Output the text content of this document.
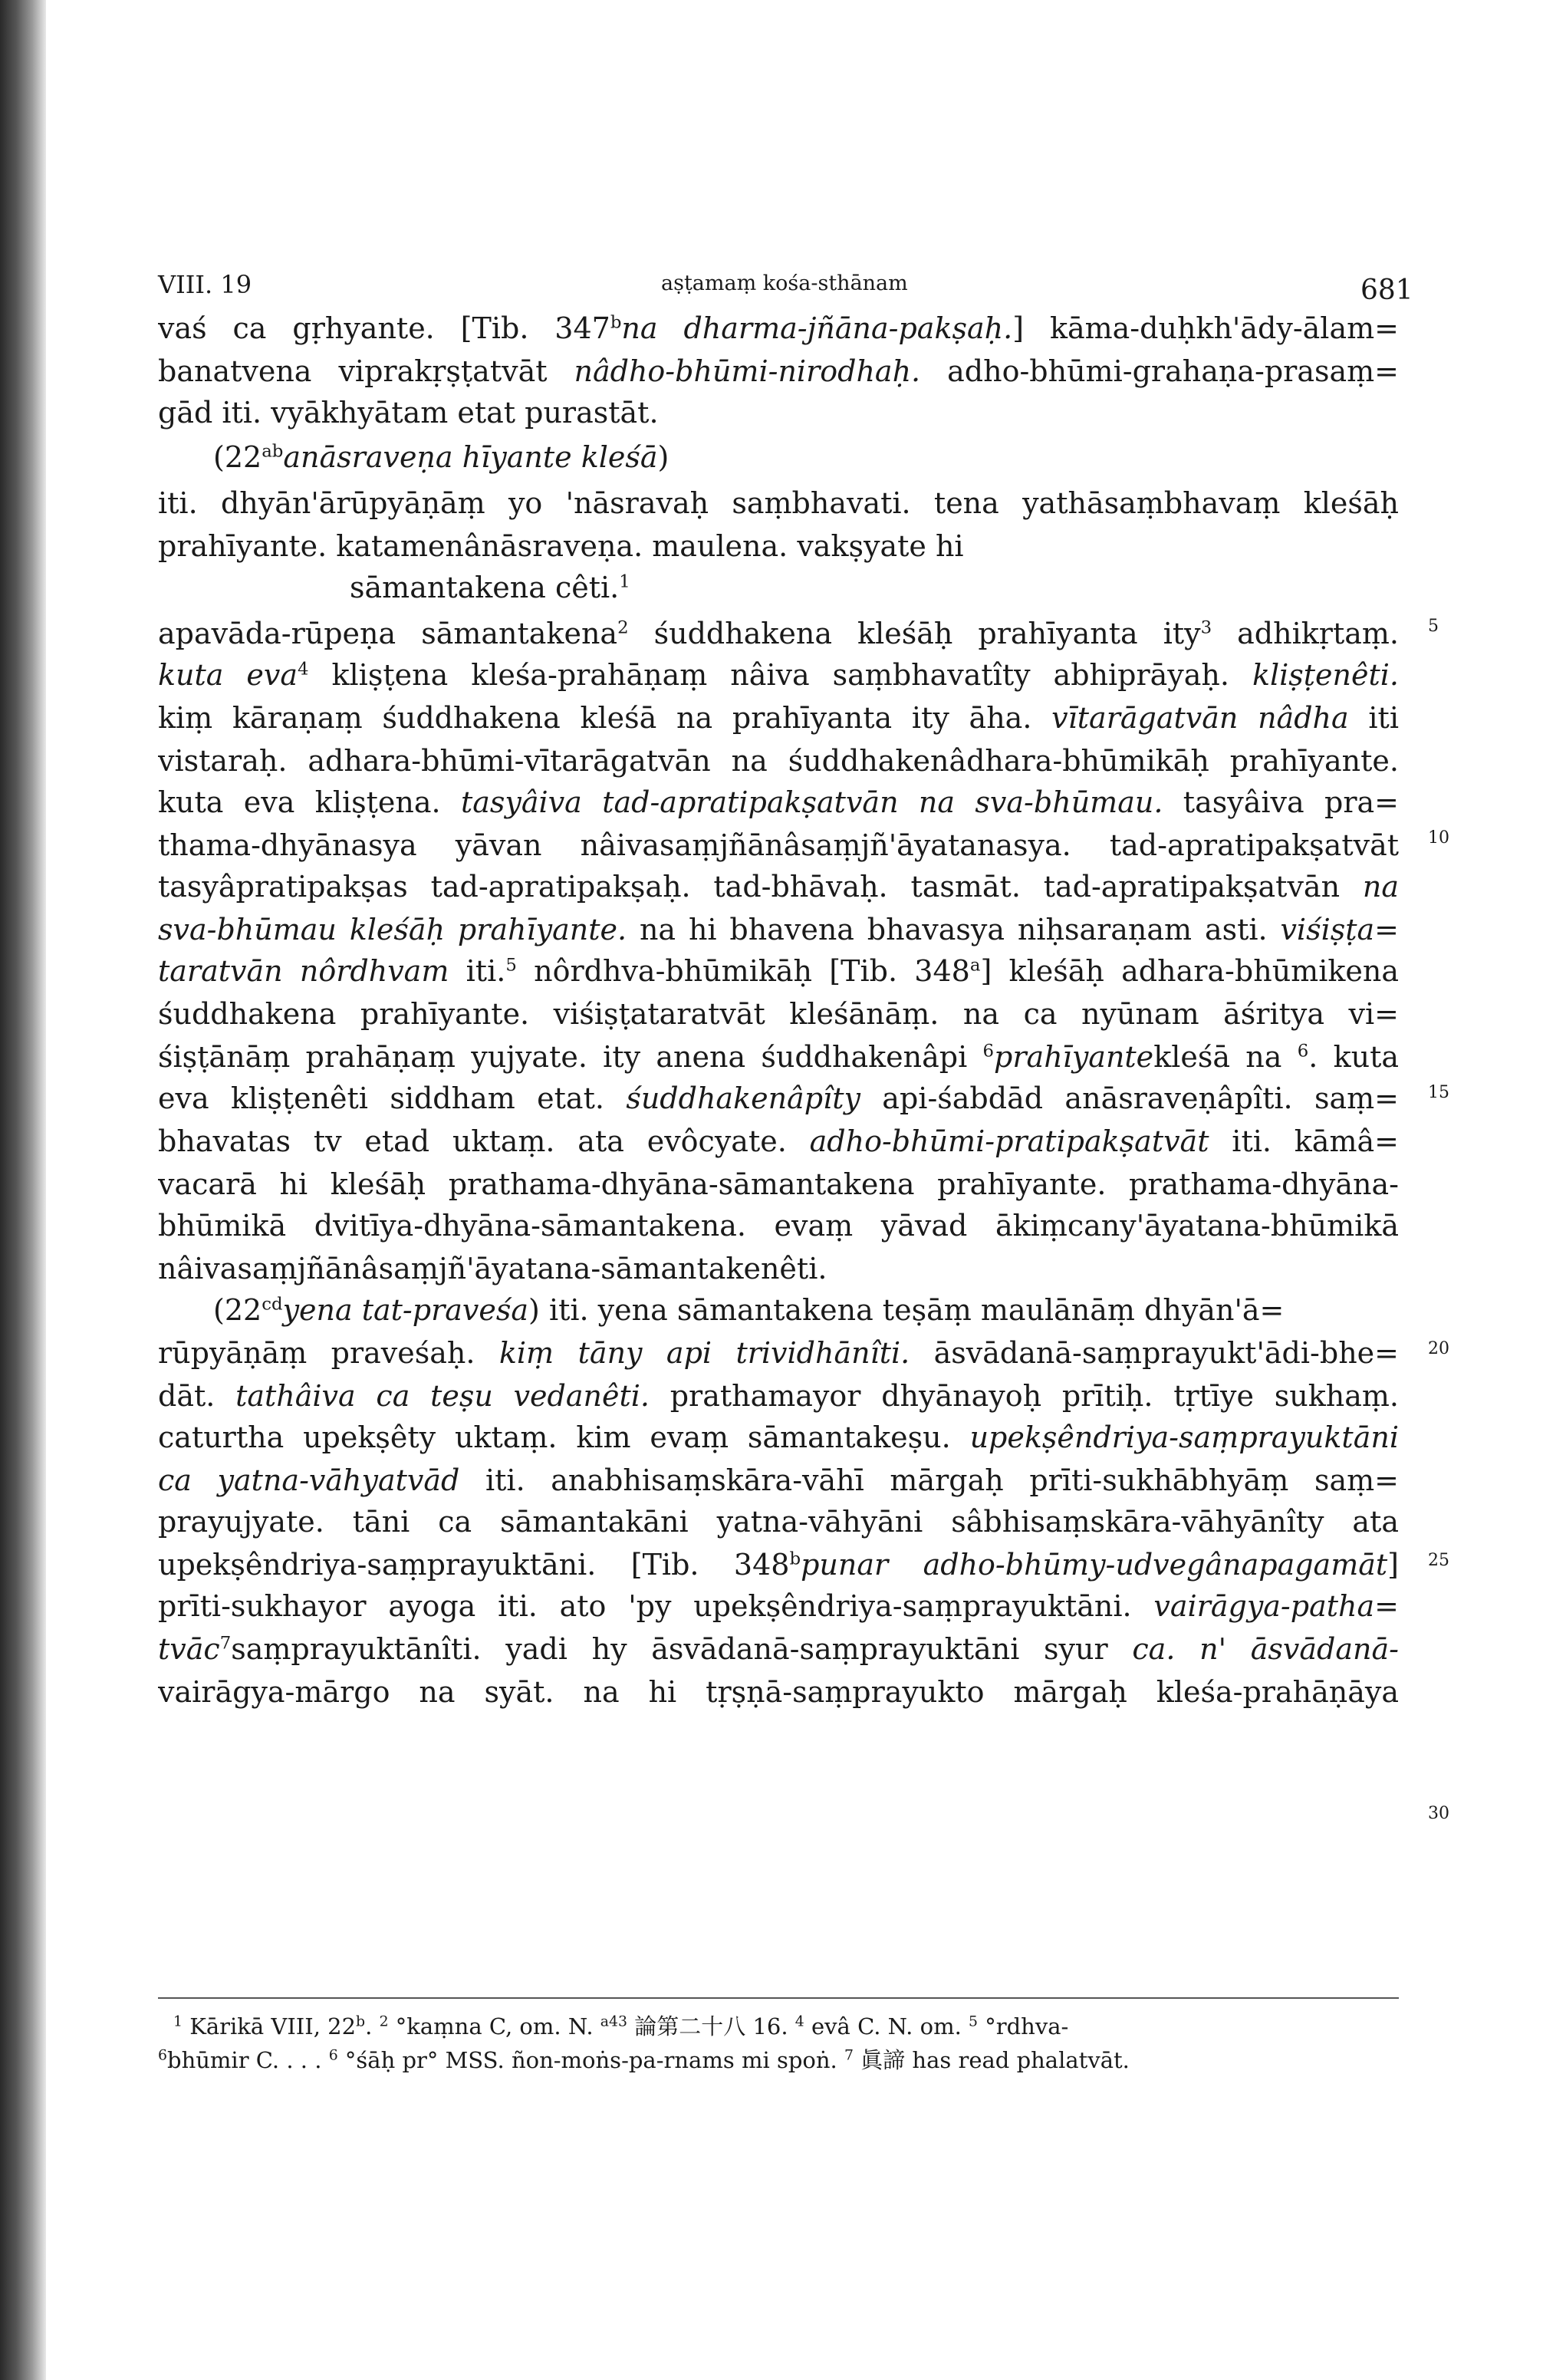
VIII. 19	aṣṭamaṃ kośa-sthānam	681
vaś ca gṛhyante. [Tib. 347$^b$na dharma-jñāna-pakṣaḥ.] kāma-duḥkh'ādy-ālam=
banatvena viprakṛṣṭatvāt nâdho-bhūmi-nirodhaḥ. adho-bhūmi-grahaṇa-prasaṃ=
gād iti. vyākhyātam etat purastāt.
($22^{ab}anāsraveṇa$ hīyante kleśā)
iti. dhyān'ārūpyāṇāṃ yo 'nāsravaḥ saṃbhavati. tena yathāsaṃbhavaṃ kleśāḥ
prahīyante. katamenânāsraveṇa. maulena. vakṣyate hi
sāmantakena cêti.$^1$
apavāda-rūpeṇa sāmantakena$^2$ śuddhakena kleśāḥ prahīyanta ity$^3$ adhikṛtaṃ.
kuta eva$^4$ kliṣṭena kleśa-prahāṇaṃ nâiva saṃbhavatîty abhiprāyaḥ. kliṣṭenêti.
kiṃ kāraṇaṃ śuddhakena kleśā na prahīyanta ity āha. vītarāgatvān nâdha iti
vistaraḥ. adhara-bhūmi-vītarāgatvān na śuddhakenâdhara-bhūmikāḥ prahīyante.
kuta eva kliṣṭena. tasyâiva tad-apratipakṣatvān na sva-bhūmau. tasyâiva pra=
thama-dhyānasya yāvan nâivasaṃjñānâsaṃjñ'āyatanasya. tad-apratipakṣatvāt
tasyâpratipakṣas tad-apratipakṣaḥ. tad-bhāvaḥ. tasmāt. tad-apratipakṣatvān na
sva-bhūmau kleśāḥ prahīyante. na hi bhavena bhavasya niḥsaraṇam asti. viśiṣṭa=
taratvān nôrdhvam iti.$^5$ nôrdhva-bhūmikāḥ [Tib. 348$^a$] kleśāḥ adhara-bhūmikena
śuddhakena prahīyante. viśiṣṭataratvāt kleśānāṃ. na ca nyūnam āśritya vi=
śiṣṭānāṃ prahāṇaṃ yujyate. ity anena śuddhakenâpi $^6$prahīyantekleśā na $^6$. kuta
eva kliṣṭenêti siddham etat. śuddhakenâpîty api-śabdād anāsraveṇâpîti. saṃ=
bhavatas tv etad uktaṃ. ata evôcyate. adho-bhūmi-pratipakṣatvāt iti. kāmâ=
vacarā hi kleśāḥ prathama-dhyāna-sāmantakena prahīyante. prathama-dhyāna-
bhūmikā dvitīya-dhyāna-sāmantakena. evaṃ yāvad ākiṃcany'āyatana-bhūmikā
nâivasaṃjñānâsaṃjñ'āyatana-sāmantakenêti.
($22^{cd}yena$ tat-praveśa) iti. yena sāmantakena teṣāṃ maulānāṃ dhyān'ā=
rūpyāṇāṃ praveśaḥ. kiṃ tāny api trividhānîti. āsvādanā-saṃprayukt'ādi-bhe=
dāt. tathâiva ca teṣu vedanêti. prathamayor dhyānayoḥ prītiḥ. tṛtīye sukhaṃ.
caturtha upekṣêty uktaṃ. kim evaṃ sāmantakeṣu. upekṣêndriya-saṃprayuktāni
ca yatna-vāhyatvād iti. anabhisaṃskāra-vāhī mārgaḥ prīti-sukhābhyāṃ saṃ=
prayujyate. tāni ca sāmantakāni yatna-vāhyāni sâbhisaṃskāra-vāhyānîty ata
upekṣêndriya-saṃprayuktāni. [Tib. 348$^b$punar adho-bhūmy-udvegânapagamāt]
prīti-sukhayor ayoga iti. ato 'py upekṣêndriya-saṃprayuktāni. vairāgya-patha=
tvāc$^7$saṃprayuktānîti. yadi hy āsvādanā-saṃprayuktāni syur ca. n' āsvādanā-
vairāgya-mārgo na syāt. na hi tṛṣṇā-saṃprayukto mārgaḥ kleśa-prahāṇāya
5
10
15
20
25
30
$^1$ Kārikā VIII, 22$^b$. $^2$ °kaṃna C, om. N. $^{a43}$ 論第二十八 16. $^4$ evâ C. N. om. $^5$ °rdhva-
$^6$bhūmir C. . . . $^6$ °śāḥ pr° MSS. ñon-moṅs-pa-rnams mi spoṅ. $^7$ 眞諦 has read phalatvāt.
